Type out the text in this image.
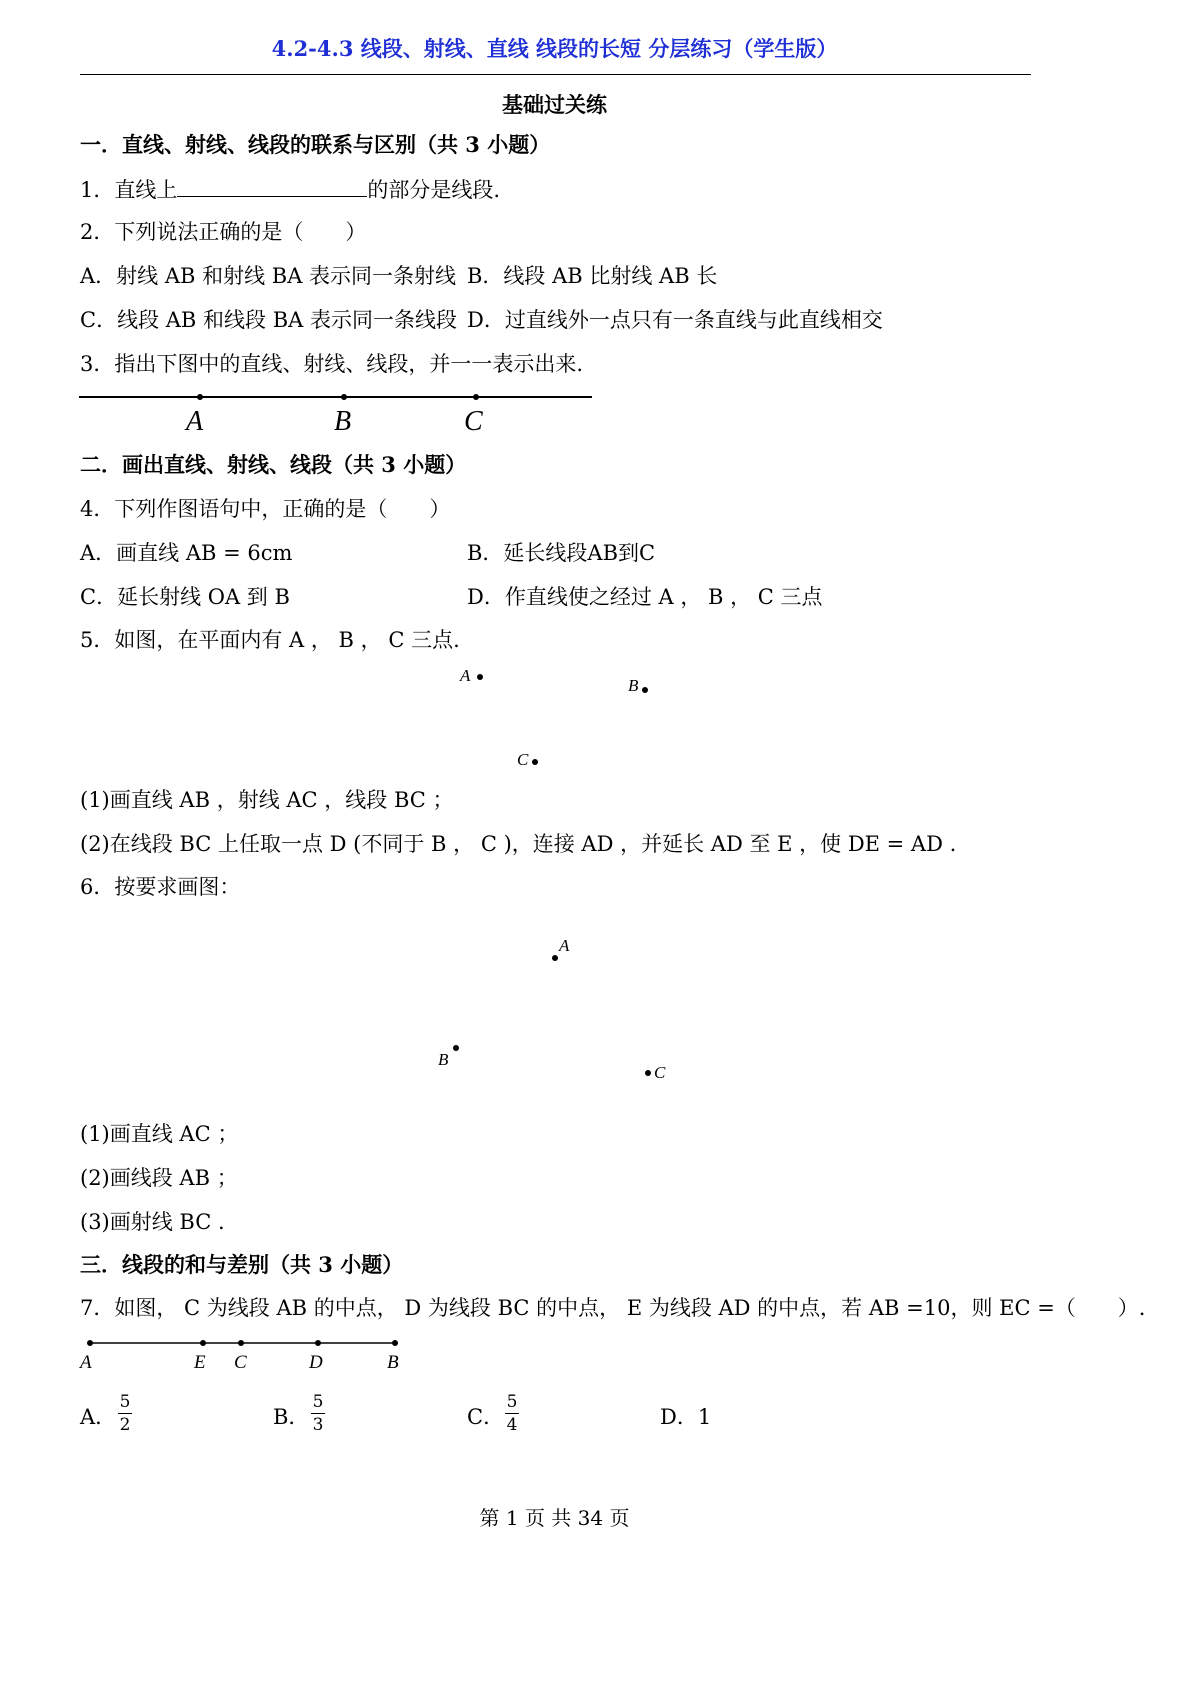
4.2-4.3 线段、射线、直线 线段的长短 分层练习（学生版）
基础过关练
一．直线、射线、线段的联系与区别（共 3 小题）
1．直线上	的部分是线段.
2．下列说法正确的是（ ）
A．射线 AB 和射线 BA 表示同一条射线 B．线段 AB 比射线 AB 长
C．线段 AB 和线段 BA 表示同一条线段 D．过直线外一点只有一条直线与此直线相交
3．指出下图中的直线、射线、线段，并一一表示出来.
A	B	C
二．画出直线、射线、线段（共 3 小题）
4．下列作图语句中，正确的是（ ）
A．画直线 AB = 6cm	B．延长线段AB到C
C．延长射线 OA 到 B	D．作直线使之经过 A ， B ， C 三点
5．如图，在平面内有 A ， B ， C 三点.
A
B
C
(1)画直线 AB ，射线 AC ，线段 BC ；
(2)在线段 BC 上任取一点 D (不同于 B ， C )，连接 AD ，并延长 AD 至 E ，使 DE = AD .
6．按要求画图：
A
B
C
(1)画直线 AC ；
(2)画线段 AB ；
(3)画射线 BC .
三．线段的和与差别（共 3 小题）
7．如图， C 为线段 AB 的中点， D 为线段 BC 的中点， E 为线段 AD 的中点，若 AB =10，则 EC =（ ）.
A	E C	D	B
A．
5
2	B．
5
3	C．
5
4	D．1
第 1 页 共 34 页
